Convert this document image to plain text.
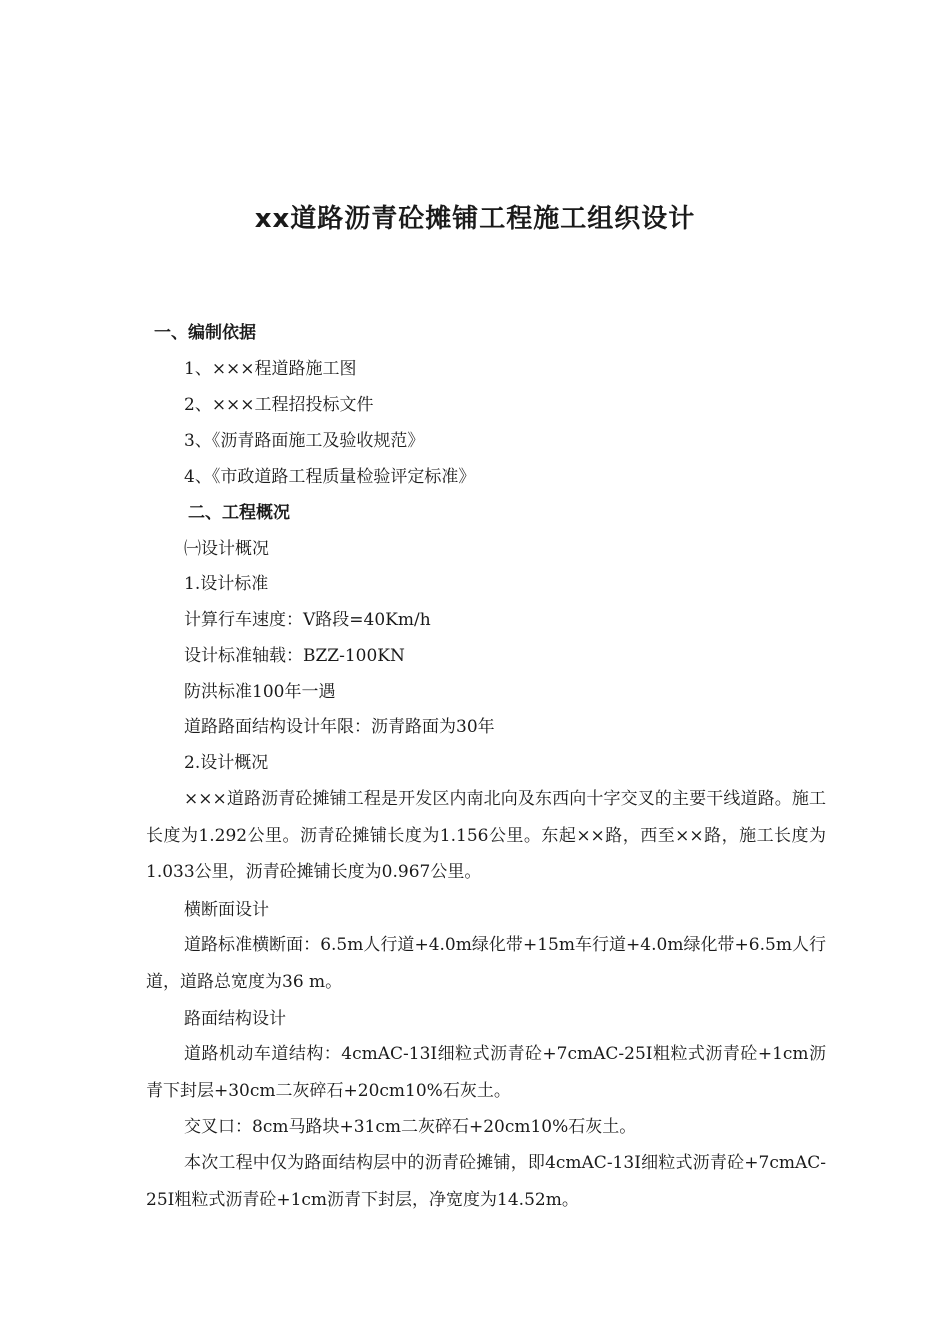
xx道路沥青砼摊铺工程施工组织设计
一、编制依据
1、×××程道路施工图
2、×××工程招投标文件
3、《沥青路面施工及验收规范》
4、《市政道路工程质量检验评定标准》
二、工程概况
㈠设计概况
1.设计标准
计算行车速度：V路段=40Km/h
设计标准轴载：BZZ-100KN
防洪标准100年一遇
道路路面结构设计年限：沥青路面为30年
2.设计概况
×××道路沥青砼摊铺工程是开发区内南北向及东西向十字交叉的主要干线道路。施工长度为1.292公里。沥青砼摊铺长度为1.156公里。东起××路，西至××路，施工长度为1.033公里，沥青砼摊铺长度为0.967公里。
横断面设计
道路标准横断面：6.5m人行道+4.0m绿化带+15m车行道+4.0m绿化带+6.5m人行道，道路总宽度为36 m。
路面结构设计
道路机动车道结构：4cmAC-13I细粒式沥青砼+7cmAC-25I粗粒式沥青砼+1cm沥青下封层+30cm二灰碎石+20cm10%石灰土。
交叉口：8cm马路块+31cm二灰碎石+20cm10%石灰土。
本次工程中仅为路面结构层中的沥青砼摊铺，即4cmAC-13I细粒式沥青砼+7cmAC-25I粗粒式沥青砼+1cm沥青下封层，净宽度为14.52m。
